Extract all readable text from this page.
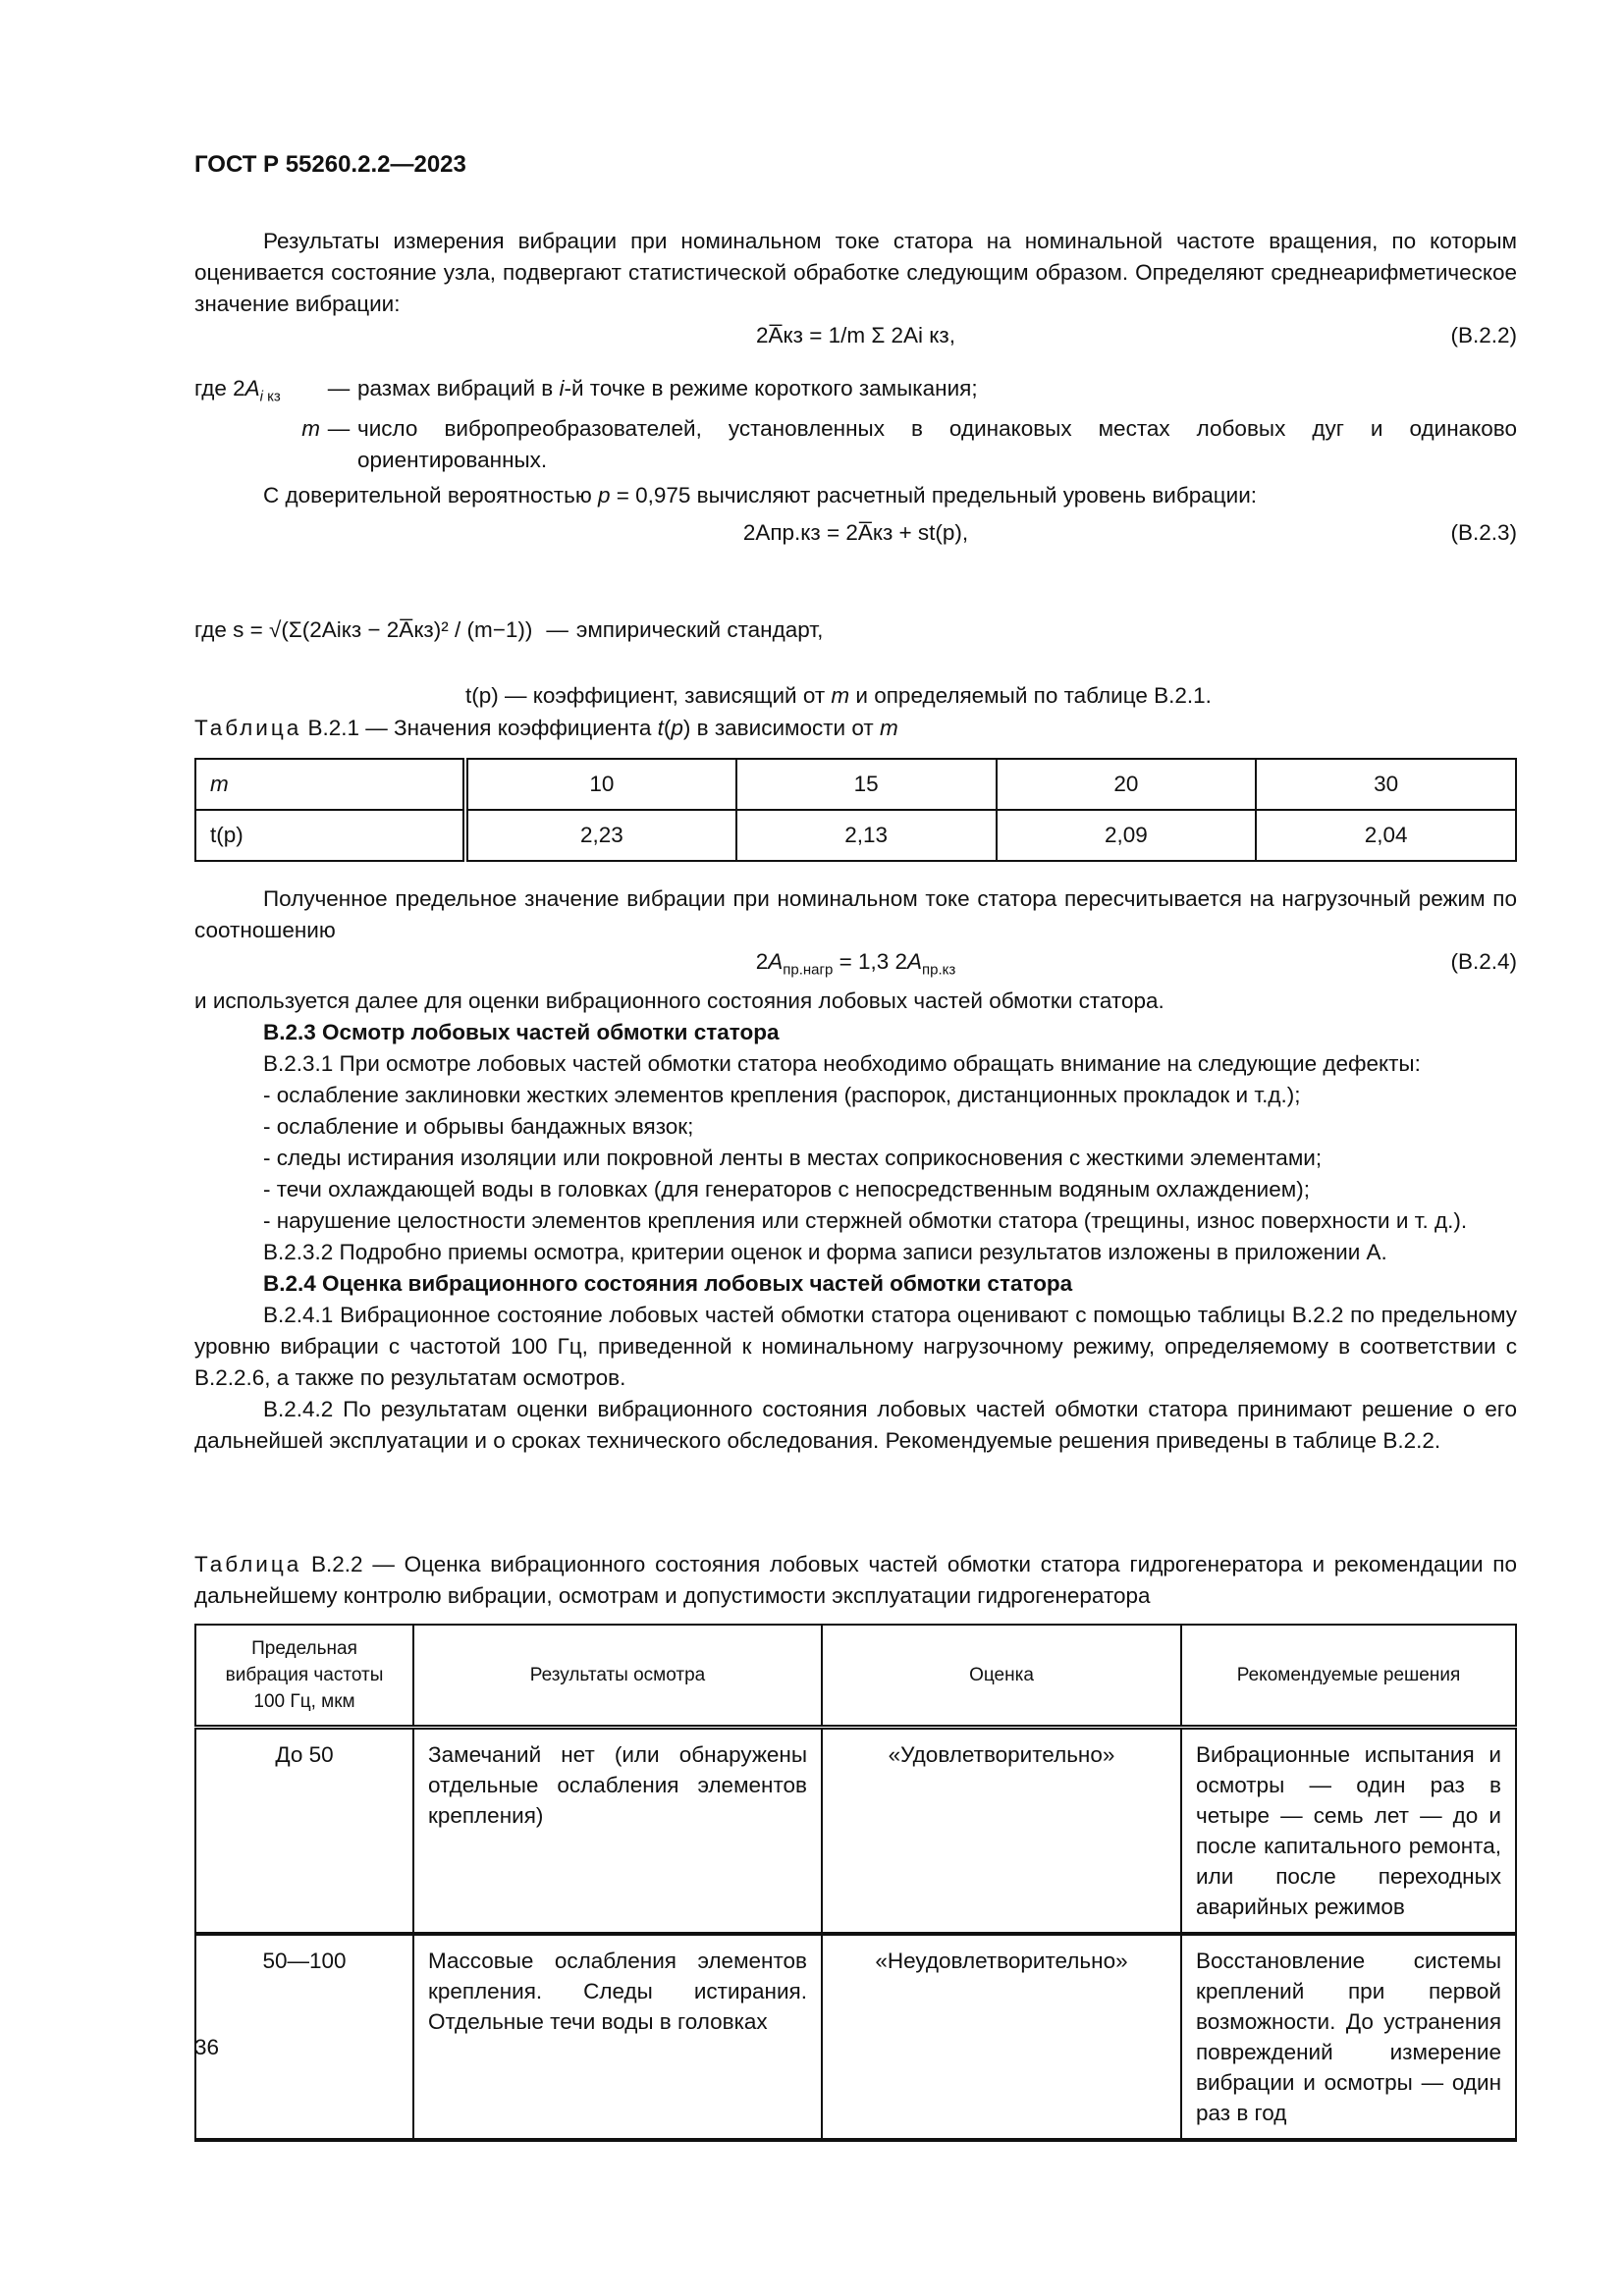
ГОСТ Р 55260.2.2—2023

Результаты измерения вибрации при номинальном токе статора на номинальной частоте вращения, по которым оценивается состояние узла, подвергают статистической обработке следующим образом. Определяют среднеарифметическое значение вибрации:

2A̅кз = 1/m Σ 2Ai кз,	(В.2.2)
где $2A_{i кз}$	— размах вибраций в i-й точке в режиме короткого замыкания;
m — число вибропреобразователей, установленных в одинаковых местах лобовых дуг и одинаково ориентированных.

С доверительной вероятностью p = 0,975 вычисляют расчетный предельный уровень вибрации:

2Aпр.кз = 2A̅кз + st(p),	(В.2.3)
где s = √(Σ(2Aiкз − 2A̅кз)² / (m−1)) — эмпирический стандарт,
t(p) — коэффициент, зависящий от m и определяемый по таблице В.2.1.
Таблица В.2.1 — Значения коэффициента t(p) в зависимости от m
m	10	15	20	30
t(p)	2,23	2,13	2,09	2,04

Полученное предельное значение вибрации при номинальном токе статора пересчитывается на нагрузочный режим по соотношению

$2A_{пр.нагр} = 1,3$ $2A_{пр.кз}$	(В.2.4)

и используется далее для оценки вибрационного состояния лобовых частей обмотки статора.

В.2.3 Осмотр лобовых частей обмотки статора

В.2.3.1 При осмотре лобовых частей обмотки статора необходимо обращать внимание на следующие дефекты:

- ослабление заклиновки жестких элементов крепления (распорок, дистанционных прокладок и т.д.);

- ослабление и обрывы бандажных вязок;

- следы истирания изоляции или покровной ленты в местах соприкосновения с жесткими элементами;

- течи охлаждающей воды в головках (для генераторов с непосредственным водяным охлаждением);

- нарушение целостности элементов крепления или стержней обмотки статора (трещины, износ поверхности и т. д.).

В.2.3.2 Подробно приемы осмотра, критерии оценок и форма записи результатов изложены в приложении А.

В.2.4 Оценка вибрационного состояния лобовых частей обмотки статора

В.2.4.1 Вибрационное состояние лобовых частей обмотки статора оценивают с помощью таблицы В.2.2 по предельному уровню вибрации с частотой 100 Гц, приведенной к номинальному нагрузочному режиму, определяемому в соответствии с В.2.2.6, а также по результатам осмотров.

В.2.4.2 По результатам оценки вибрационного состояния лобовых частей обмотки статора принимают решение о его дальнейшей эксплуатации и о сроках технического обследования. Рекомендуемые решения приведены в таблице В.2.2.

Таблица В.2.2 — Оценка вибрационного состояния лобовых частей обмотки статора гидрогенератора и рекомендации по дальнейшему контролю вибрации, осмотрам и допустимости эксплуатации гидрогенератора

Предельная вибрация частоты 100 Гц, мкм	Результаты осмотра	Оценка	Рекомендуемые решения
До 50	Замечаний нет (или обнаружены отдельные ослабления элементов крепления)	«Удовлетворительно»	Вибрационные испытания и осмотры — один раз в четыре — семь лет — до и после капитального ремонта, или после переходных аварийных режимов
50—100	Массовые ослабления элементов крепления. Следы истирания. Отдельные течи воды в головках	«Неудовлетворительно»	Восстановление системы креплений при первой возможности. До устранения повреждений измерение вибрации и осмотры — один раз в год
36
